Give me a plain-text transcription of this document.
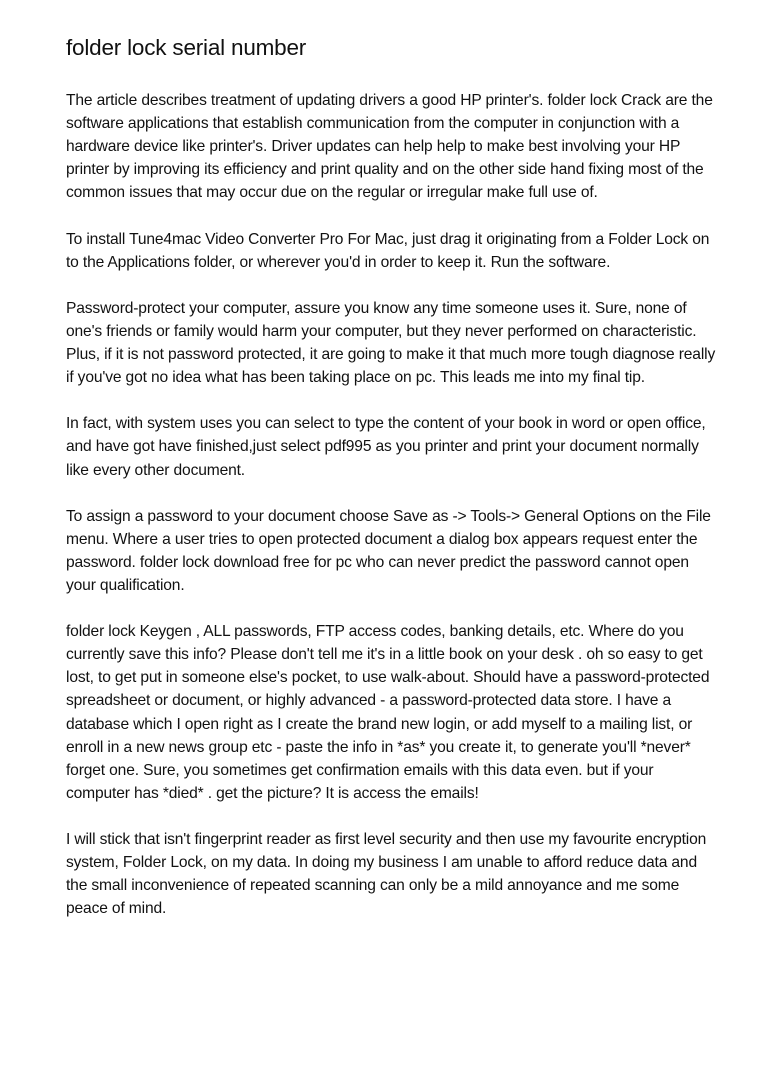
folder lock serial number

The article describes treatment of updating drivers a good HP printer's. folder lock Crack are the software applications that establish communication from the computer in conjunction with a hardware device like printer's. Driver updates can help help to make best involving your HP printer by improving its efficiency and print quality and on the other side hand fixing most of the common issues that may occur due on the regular or irregular make full use of.

To install Tune4mac Video Converter Pro For Mac, just drag it originating from a Folder Lock on to the Applications folder, or wherever you'd in order to keep it. Run the software.

Password-protect your computer, assure you know any time someone uses it. Sure, none of one's friends or family would harm your computer, but they never performed on characteristic. Plus, if it is not password protected, it are going to make it that much more tough diagnose really if you've got no idea what has been taking place on pc. This leads me into my final tip.

In fact, with system uses you can select to type the content of your book in word or open office, and have got have finished,just select pdf995 as you printer and print your document normally like every other document.

To assign a password to your document choose Save as -> Tools-> General Options on the File menu. Where a user tries to open protected document a dialog box appears request enter the password. folder lock download free for pc who can never predict the password cannot open your qualification.

folder lock Keygen , ALL passwords, FTP access codes, banking details, etc. Where do you currently save this info? Please don't tell me it's in a little book on your desk . oh so easy to get lost, to get put in someone else's pocket, to use walk-about. Should have a password-protected spreadsheet or document, or highly advanced - a password-protected data store. I have a database which I open right as I create the brand new login, or add myself to a mailing list, or enroll in a new news group etc - paste the info in *as* you create it, to generate you'll *never* forget one. Sure, you sometimes get confirmation emails with this data even. but if your computer has *died* . get the picture? It is access the emails!

I will stick that isn't fingerprint reader as first level security and then use my favourite encryption system, Folder Lock, on my data. In doing my business I am unable to afford reduce data and the small inconvenience of repeated scanning can only be a mild annoyance and me some peace of mind.
